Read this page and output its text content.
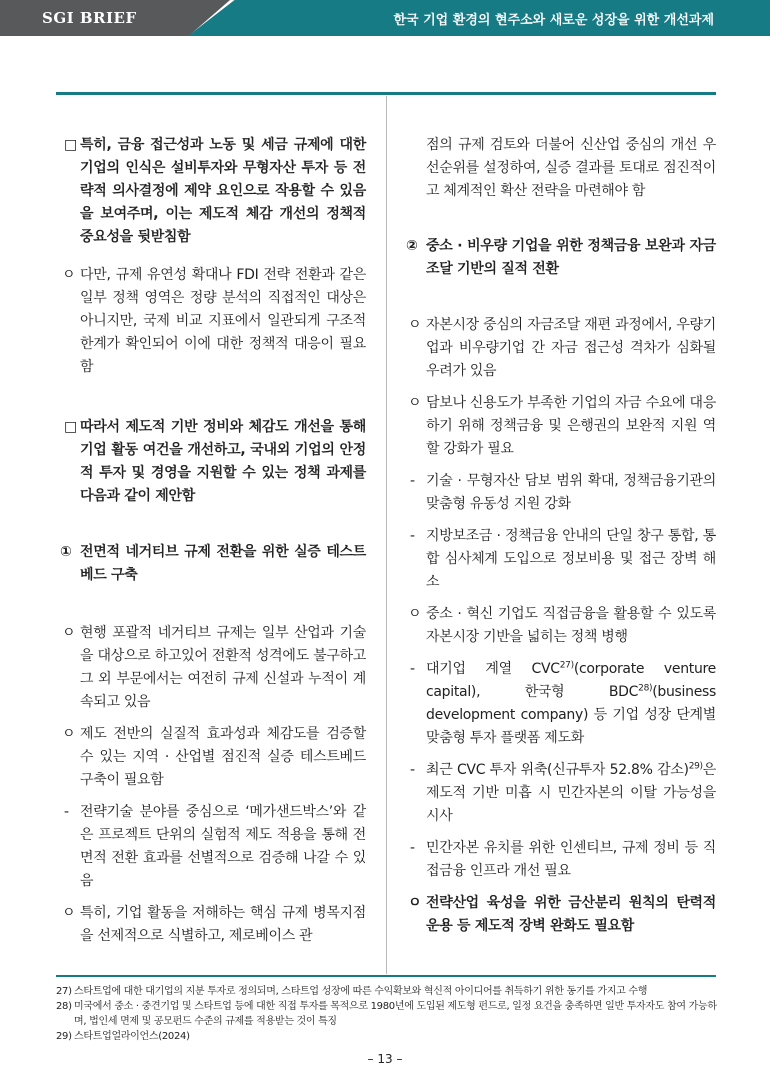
SGI BRIEF	한국 기업 환경의 현주소와 새로운 성장을 위한 개선과제
□ 특히, 금융 접근성과 노동 및 세금 규제에 대한 기업의 인식은 설비투자와 무형자산 투자 등 전략적 의사결정에 제약 요인으로 작용할 수 있음을 보여주며, 이는 제도적 체감 개선의 정책적 중요성을 뒷받침함
ㅇ 다만, 규제 유연성 확대나 FDI 전략 전환과 같은 일부 정책 영역은 정량 분석의 직접적인 대상은 아니지만, 국제 비교 지표에서 일관되게 구조적 한계가 확인되어 이에 대한 정책적 대응이 필요함
□ 따라서 제도적 기반 정비와 체감도 개선을 통해 기업 활동 여건을 개선하고, 국내외 기업의 안정적 투자 및 경영을 지원할 수 있는 정책 과제를 다음과 같이 제안함
① 전면적 네거티브 규제 전환을 위한 실증 테스트베드 구축
ㅇ 현행 포괄적 네거티브 규제는 일부 산업과 기술을 대상으로 하고있어 전환적 성격에도 불구하고 그 외 부문에서는 여전히 규제 신설과 누적이 계속되고 있음
ㅇ 제도 전반의 실질적 효과성과 체감도를 검증할 수 있는 지역 · 산업별 점진적 실증 테스트베드 구축이 필요함
- 전략기술 분야를 중심으로 ‘메가샌드박스’와 같은 프로젝트 단위의 실험적 제도 적용을 통해 전면적 전환 효과를 선별적으로 검증해 나갈 수 있음
ㅇ 특히, 기업 활동을 저해하는 핵심 규제 병목지점을 선제적으로 식별하고, 제로베이스 관
점의 규제 검토와 더불어 신산업 중심의 개선 우선순위를 설정하여, 실증 결과를 토대로 점진적이고 체계적인 확산 전략을 마련해야 함
② 중소 · 비우량 기업을 위한 정책금융 보완과 자금조달 기반의 질적 전환
ㅇ 자본시장 중심의 자금조달 재편 과정에서, 우량기업과 비우량기업 간 자금 접근성 격차가 심화될 우려가 있음
ㅇ 담보나 신용도가 부족한 기업의 자금 수요에 대응하기 위해 정책금융 및 은행권의 보완적 지원 역할 강화가 필요
- 기술 · 무형자산 담보 범위 확대, 정책금융기관의 맞춤형 유동성 지원 강화
- 지방보조금 · 정책금융 안내의 단일 창구 통합, 통합 심사체계 도입으로 정보비용 및 접근 장벽 해소
ㅇ 중소 · 혁신 기업도 직접금융을 활용할 수 있도록 자본시장 기반을 넓히는 정책 병행
- 대기업 계열 CVC$^{27)}$(corporate venture capital), 한국형 BDC$^{28)}$(business development company) 등 기업 성장 단계별 맞춤형 투자 플랫폼 제도화
- 최근 CVC 투자 위축(신규투자 52.8% 감소)$^{29)}$은 제도적 기반 미흡 시 민간자본의 이탈 가능성을 시사
- 민간자본 유치를 위한 인센티브, 규제 정비 등 직접금융 인프라 개선 필요
ㅇ 전략산업 육성을 위한 금산분리 원칙의 탄력적 운용 등 제도적 장벽 완화도 필요함
27) 스타트업에 대한 대기업의 지분 투자로 정의되며, 스타트업 성장에 따른 수익확보와 혁신적 아이디어를 취득하기 위한 동기를 가지고 수행
28) 미국에서 중소 · 중견기업 및 스타트업 등에 대한 직접 투자를 목적으로 1980년에 도입된 제도형 펀드로, 일정 요건을 충족하면 일반 투자자도 참여 가능하며, 법인세 면제 및 공모펀드 수준의 규제를 적용받는 것이 특징
29) 스타트업얼라이언스(2024)
– 13 –
